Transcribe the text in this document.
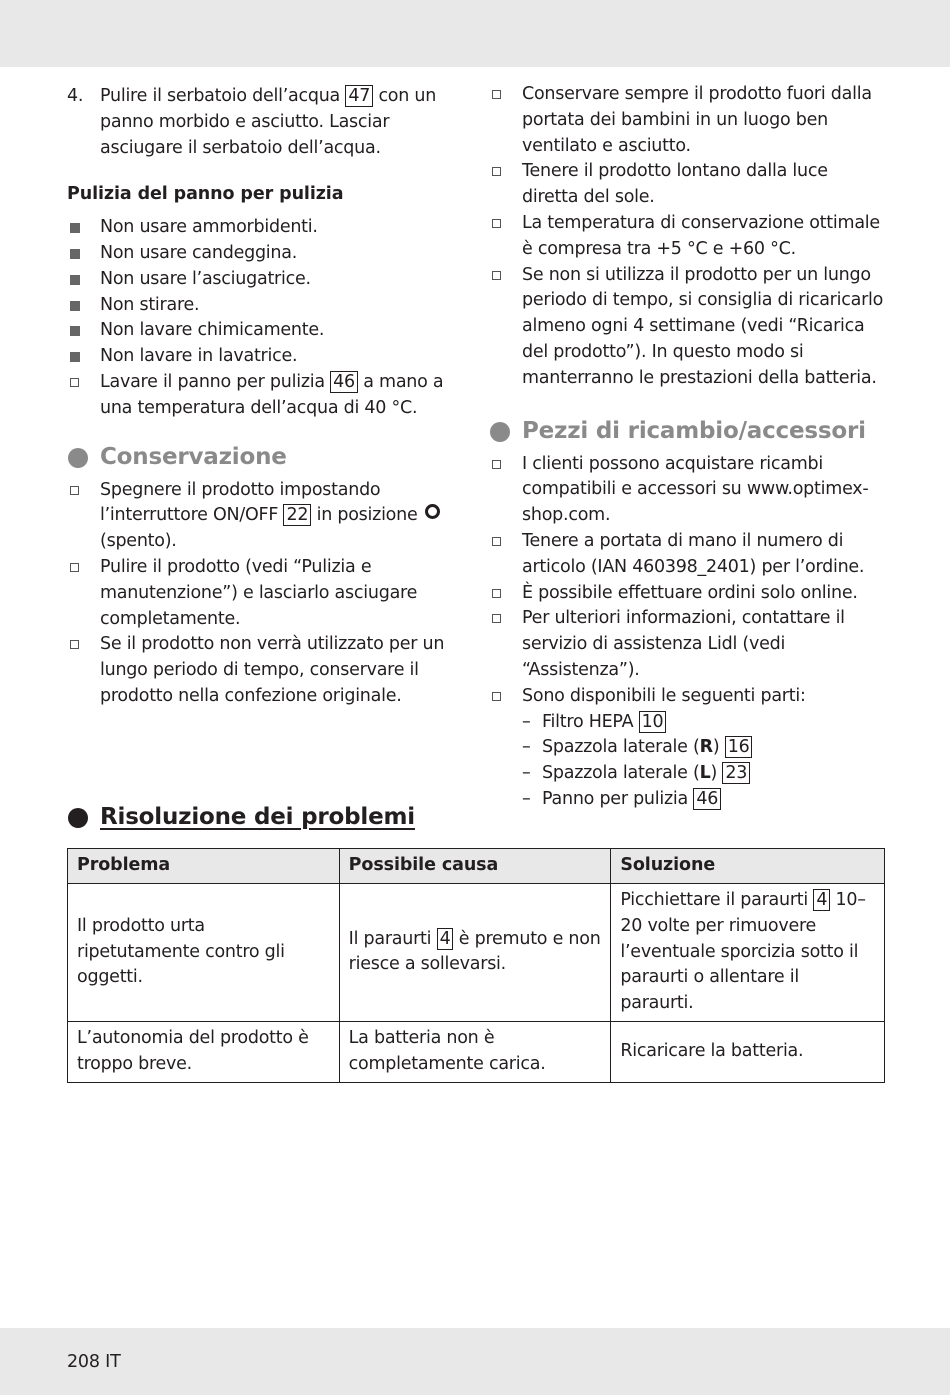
4. Pulire il serbatoio dell’acqua 47 con un panno morbido e asciutto. Lasciar asciugare il serbatoio dell’acqua.
Pulizia del panno per pulizia
Non usare ammorbidenti.
Non usare candeggina.
Non usare l’asciugatrice.
Non stirare.
Non lavare chimicamente.
Non lavare in lavatrice.
Lavare il panno per pulizia 46 a mano a una temperatura dell’acqua di 40 °C.
Conservazione
Spegnere il prodotto impostando l’interruttore ON/OFF 22 in posizione  (spento).
Pulire il prodotto (vedi “Pulizia e manutenzione”) e lasciarlo asciugare completamente.
Se il prodotto non verrà utilizzato per un lungo periodo di tempo, conservare il prodotto nella confezione originale.
Conservare sempre il prodotto fuori dalla portata dei bambini in un luogo ben ventilato e asciutto.
Tenere il prodotto lontano dalla luce diretta del sole.
La temperatura di conservazione ottimale è compresa tra +5 °C e +60 °C.
Se non si utilizza il prodotto per un lungo periodo di tempo, si consiglia di ricaricarlo almeno ogni 4 settimane (vedi “Ricarica del prodotto”). In questo modo si manterranno le prestazioni della batteria.
Pezzi di ricambio/accessori
I clienti possono acquistare ricambi compatibili e accessori su www.optimex-shop.com.
Tenere a portata di mano il numero di articolo (IAN 460398_2401) per l’ordine.
È possibile effettuare ordini solo online.
Per ulteriori informazioni, contattare il servizio di assistenza Lidl (vedi “Assistenza”).
Sono disponibili le seguenti parti:
– Filtro HEPA 10
– Spazzola laterale (R) 16
– Spazzola laterale (L) 23
– Panno per pulizia 46
Risoluzione dei problemi
Problema	Possibile causa	Soluzione
Il prodotto urta ripetutamente contro gli oggetti.	Il paraurti 4 è premuto e non riesce a sollevarsi.	Picchiettare il paraurti 4 10–20 volte per rimuovere l’eventuale sporcizia sotto il paraurti o allentare il paraurti.
L’autonomia del prodotto è troppo breve.	La batteria non è completamente carica.	Ricaricare la batteria.
208 IT
